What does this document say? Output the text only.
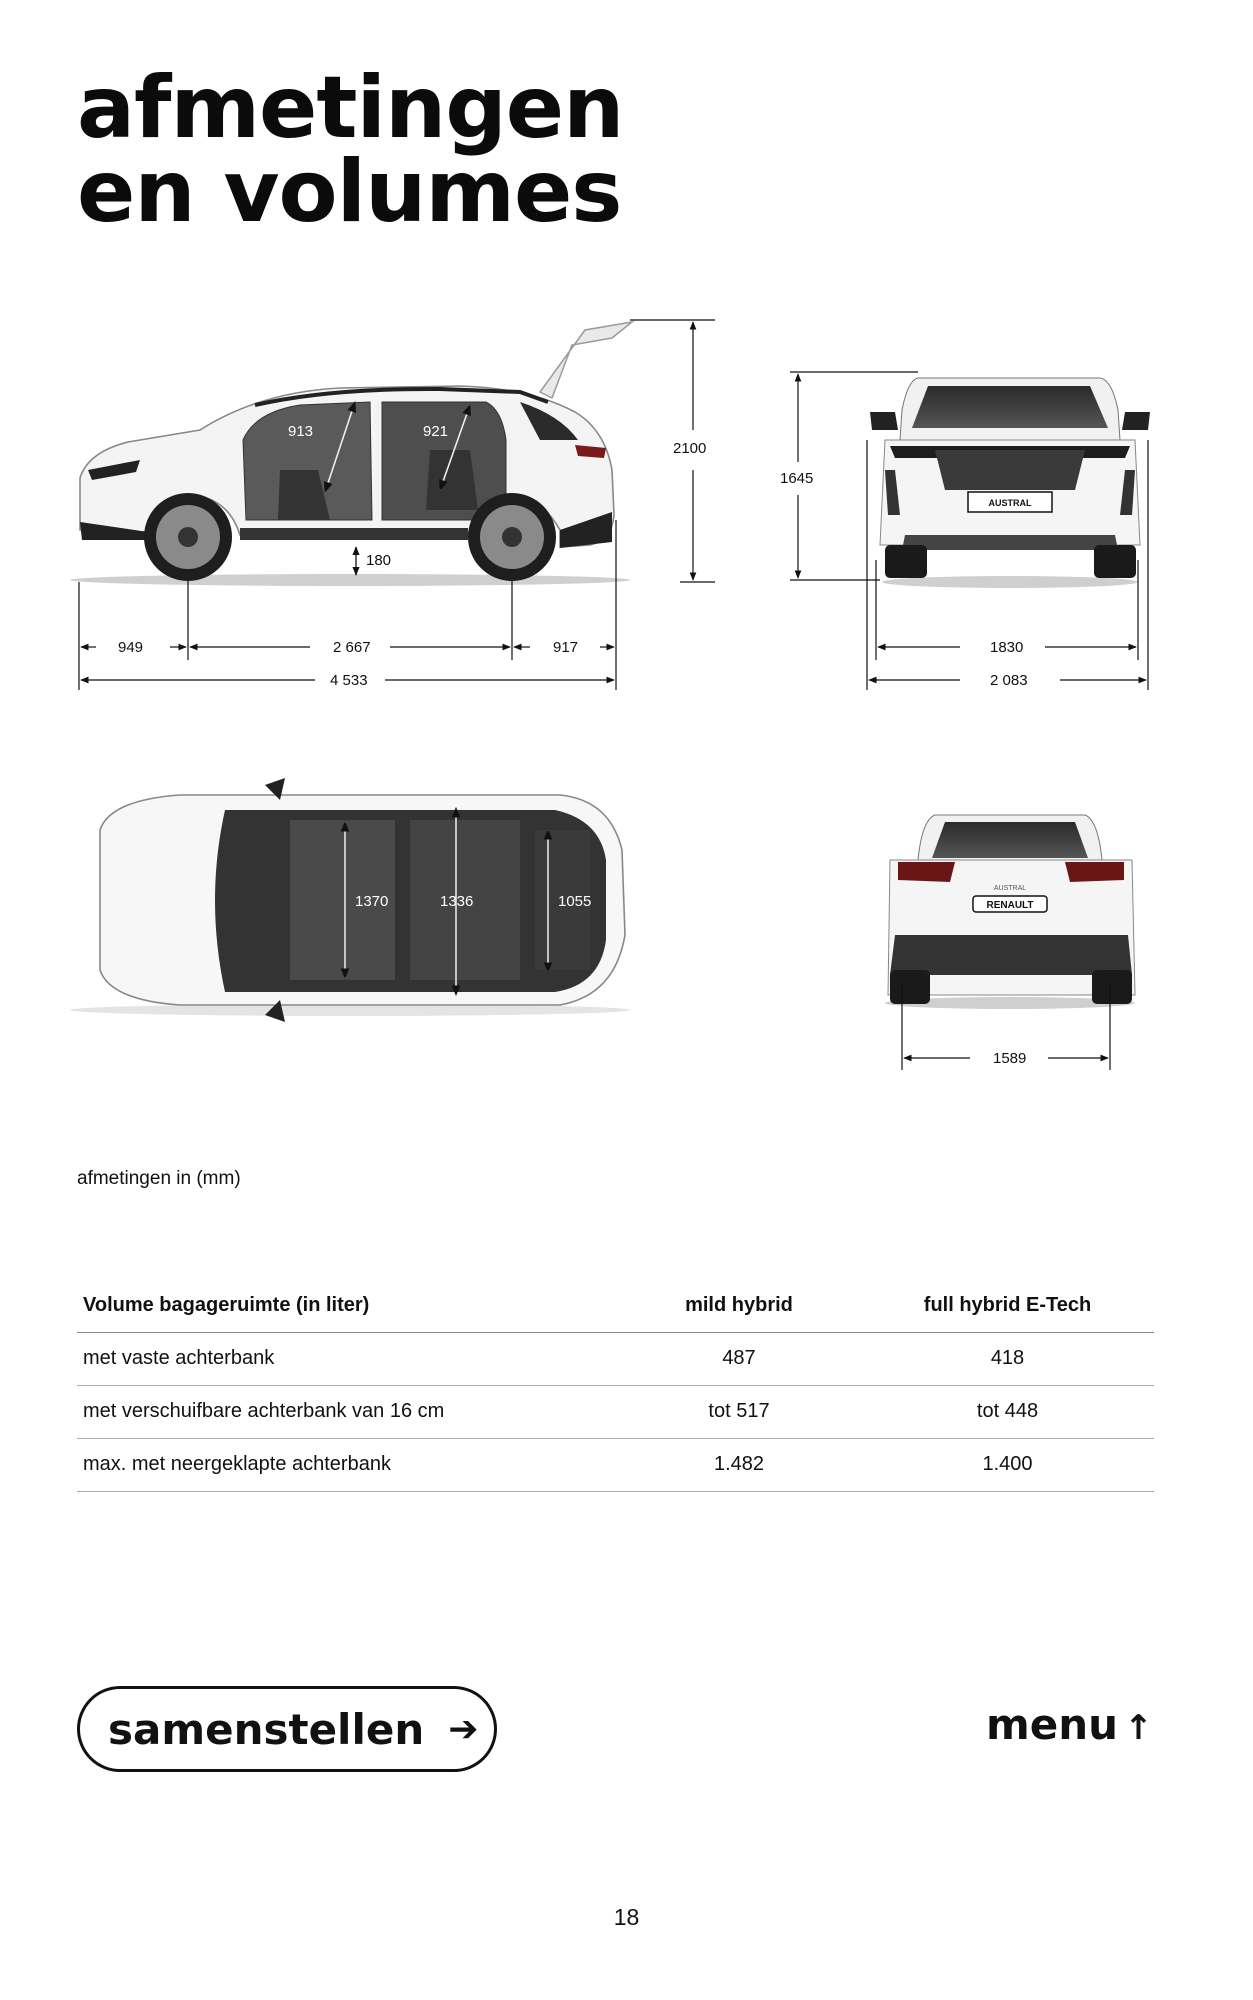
afmetingen
en volumes
913	921
180
2100
949	2 667	917
4 533
AUSTRAL
1645
1830
2 083
1370	1336	1055
AUSTRAL
RENAULT
1589

afmetingen in (mm)

Volume bagageruimte (in liter)	mild hybrid	full hybrid E-Tech
met vaste achterbank	487	418
met verschuifbare achterbank van 16 cm	tot 517	tot 448
max. met neergeklapte achterbank	1.482	1.400
samenstellen ➔	menu ↑
18
